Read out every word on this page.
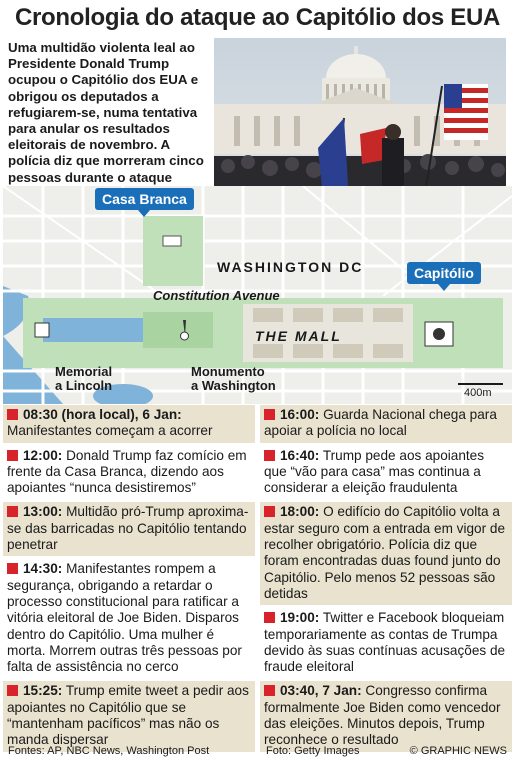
Cronologia do ataque ao Capitólio dos EUA
Uma multidão violenta leal ao Presidente Donald Trump ocupou o Capitólio dos EUA e obrigou os deputados a refugiarem-se, numa tentativa para anular os resultados eleitorais de novembro. A polícia diz que morreram cinco pessoas durante o ataque
Casa Branca
Capitólio
WASHINGTON DC
Constitution Avenue
THE MALL
Memorial
a Lincoln
Monumento
a Washington	400m
08:30 (hora local), 6 Jan: Manifestantes começam a acorrer
12:00: Donald Trump faz comício em frente da Casa Branca, dizendo aos apoiantes “nunca desistiremos”
13:00: Multidão pró-Trump aproxima-se das barricadas no Capitólio tentando penetrar
14:30: Manifestantes rompem a segurança, obrigando a retardar o processo constitucional para ratificar a vitória eleitoral de Joe Biden. Disparos dentro do Capitólio. Uma mulher é morta. Morrem outras três pessoas por falta de assistência no cerco
15:25: Trump emite tweet a pedir aos apoiantes no Capitólio que se “mantenham pacíficos” mas não os manda dispersar
16:00: Guarda Nacional chega para apoiar a polícia no local
16:40: Trump pede aos apoiantes que “vão para casa” mas continua a considerar a eleição fraudulenta
18:00: O edifício do Capitólio volta a estar seguro com a entrada em vigor de recolher obrigatório. Polícia diz que foram encontradas duas found junto do Capitólio. Pelo menos 52 pessoas são detidas
19:00: Twitter e Facebook bloqueiam temporariamente as contas de Trumpa devido às suas contínuas acusações de fraude eleitoral
03:40, 7 Jan: Congresso confirma formalmente Joe Biden como vencedor das eleições. Minutos depois, Trump reconhece o resultado
Fontes: AP, NBC News, Washington Post	Foto: Getty Images	© GRAPHIC NEWS
